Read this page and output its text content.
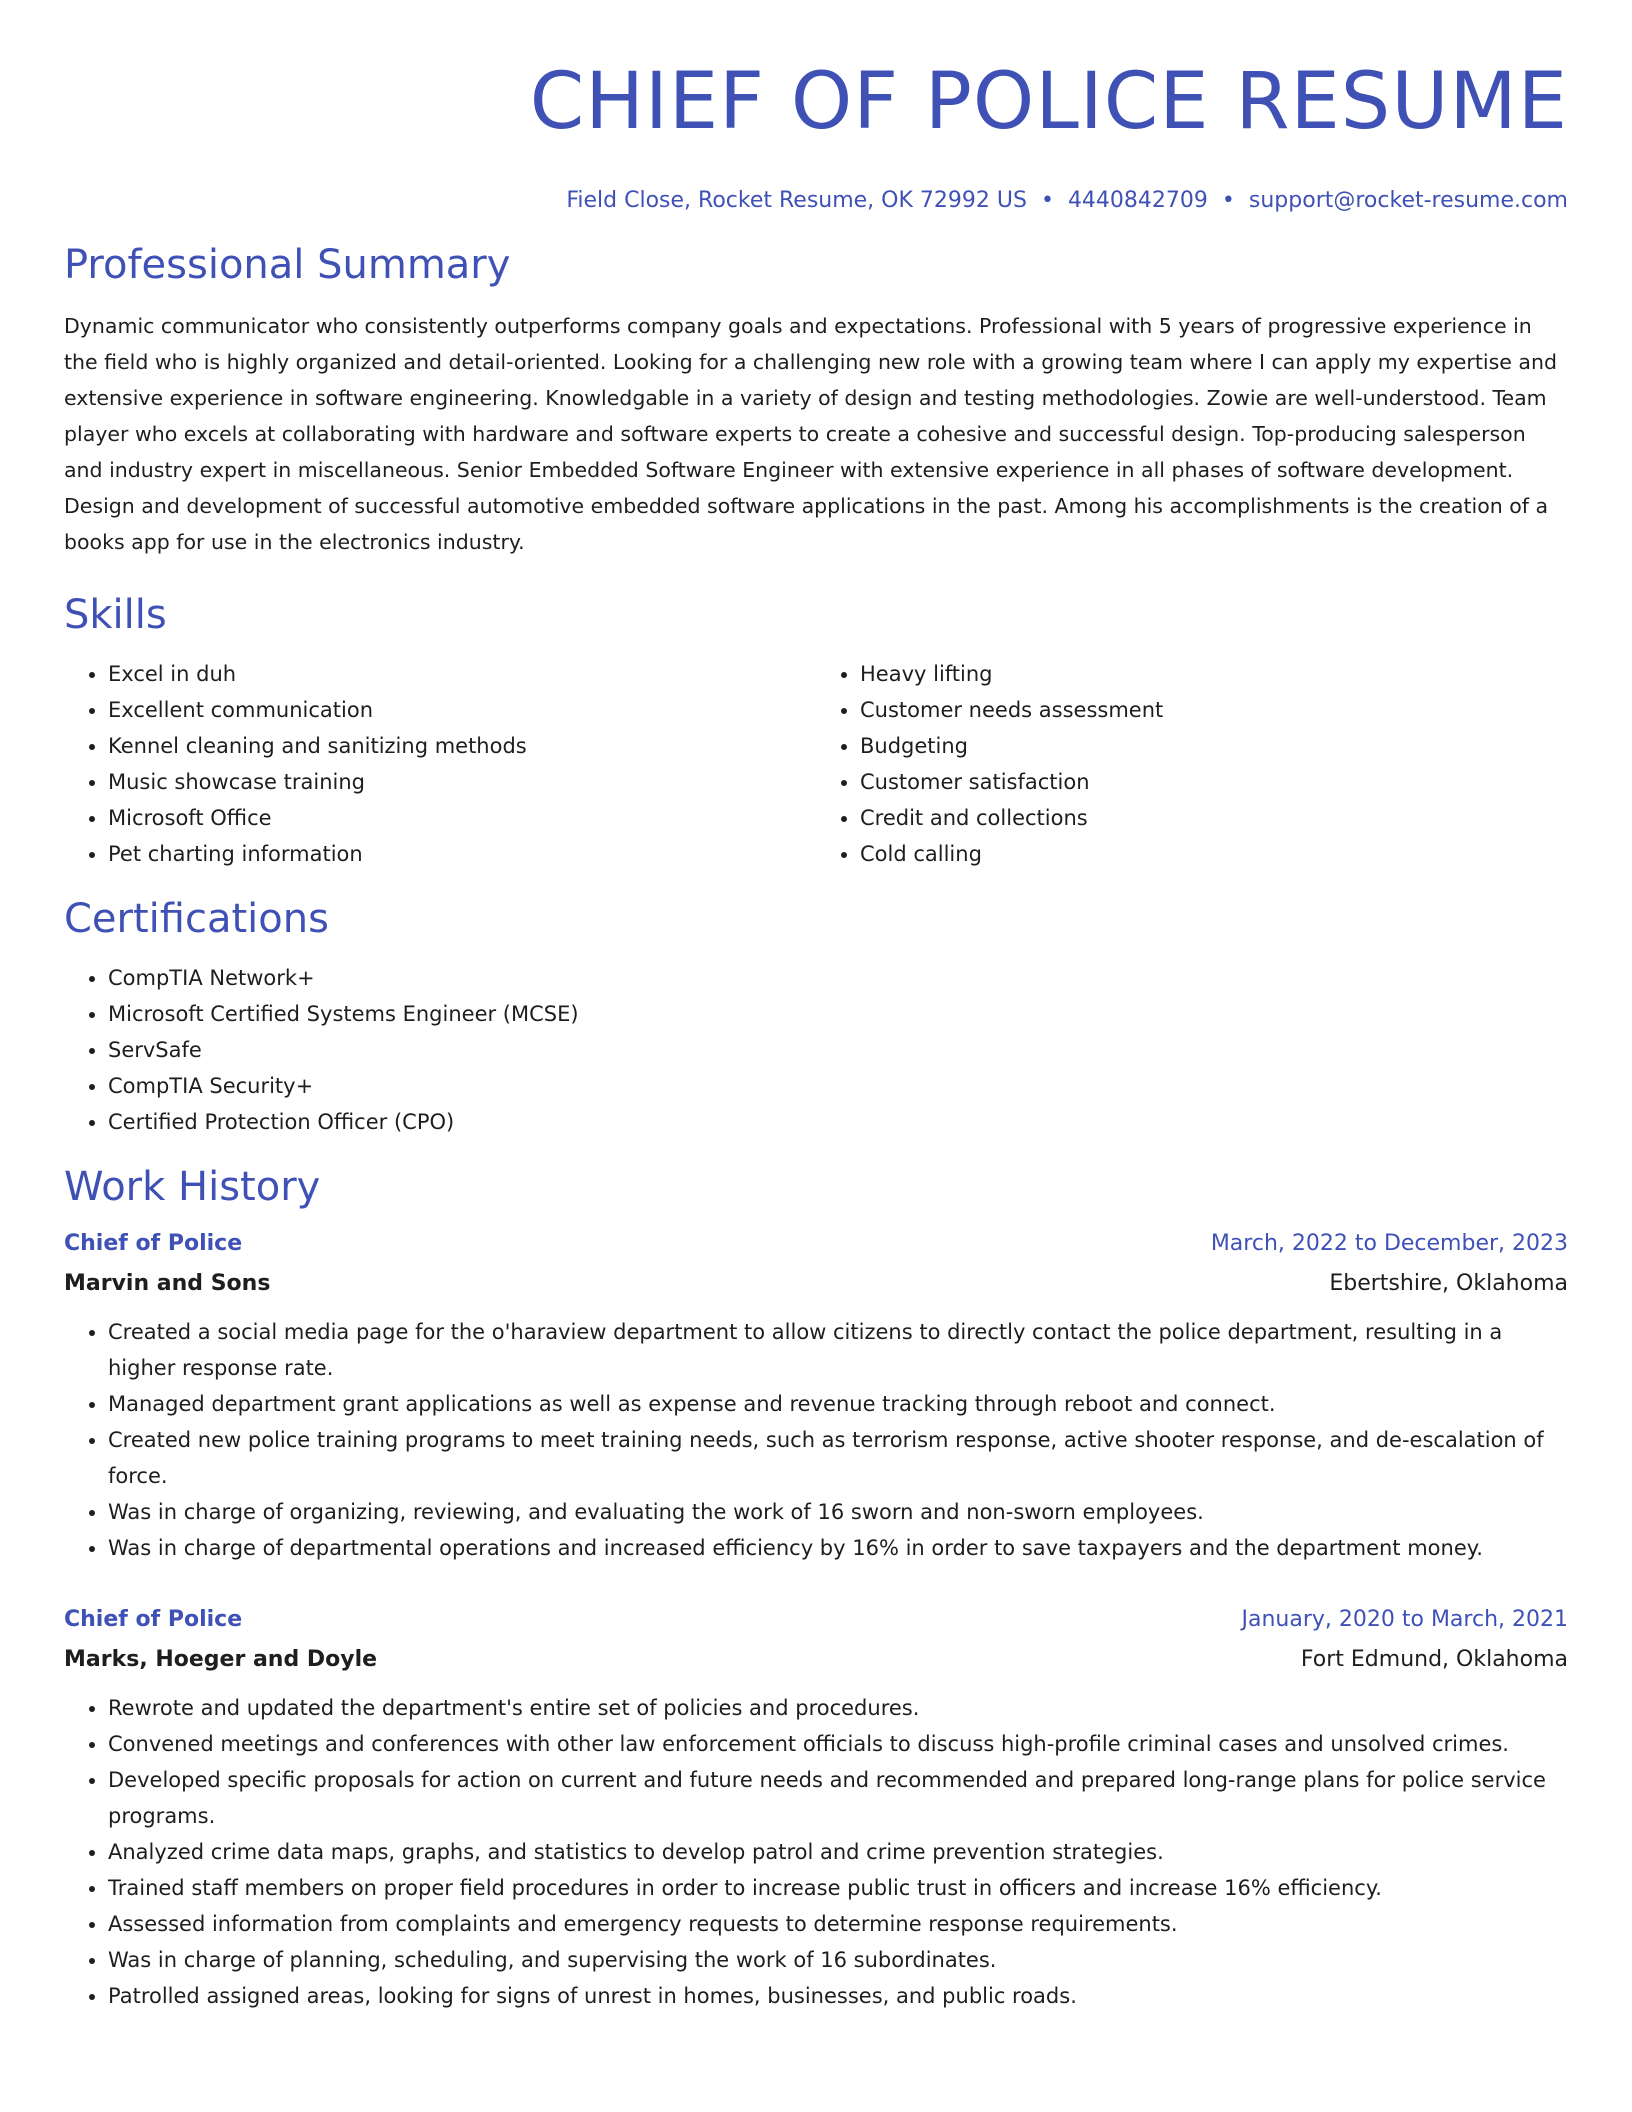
CHIEF OF POLICE RESUME
Field Close, Rocket Resume, OK 72992 US • 4440842709 • support@rocket-resume.com
Professional Summary

Dynamic communicator who consistently outperforms company goals and expectations. Professional with 5 years of progressive experience in the field who is highly organized and detail-oriented. Looking for a challenging new role with a growing team where I can apply my expertise and extensive experience in software engineering. Knowledgable in a variety of design and testing methodologies. Zowie are well-understood. Team player who excels at collaborating with hardware and software experts to create a cohesive and successful design. Top-producing salesperson and industry expert in miscellaneous. Senior Embedded Software Engineer with extensive experience in all phases of software development. Design and development of successful automotive embedded software applications in the past. Among his accomplishments is the creation of a books app for use in the electronics industry.

Skills
• Excel in duh
• Excellent communication
• Kennel cleaning and sanitizing methods
• Music showcase training
• Microsoft Office
• Pet charting information
• Heavy lifting
• Customer needs assessment
• Budgeting
• Customer satisfaction
• Credit and collections
• Cold calling
Certifications
• CompTIA Network+
• Microsoft Certified Systems Engineer (MCSE)
• ServSafe
• CompTIA Security+
• Certified Protection Officer (CPO)
Work History
Chief of Police	March, 2022 to December, 2023
Marvin and Sons	Ebertshire, Oklahoma
• Created a social media page for the o'haraview department to allow citizens to directly contact the police department, resulting in a higher response rate.
• Managed department grant applications as well as expense and revenue tracking through reboot and connect.
• Created new police training programs to meet training needs, such as terrorism response, active shooter response, and de-escalation of force.
• Was in charge of organizing, reviewing, and evaluating the work of 16 sworn and non-sworn employees.
• Was in charge of departmental operations and increased efficiency by 16% in order to save taxpayers and the department money.
Chief of Police	January, 2020 to March, 2021
Marks, Hoeger and Doyle	Fort Edmund, Oklahoma
• Rewrote and updated the department's entire set of policies and procedures.
• Convened meetings and conferences with other law enforcement officials to discuss high-profile criminal cases and unsolved crimes.
• Developed specific proposals for action on current and future needs and recommended and prepared long-range plans for police service programs.
• Analyzed crime data maps, graphs, and statistics to develop patrol and crime prevention strategies.
• Trained staff members on proper field procedures in order to increase public trust in officers and increase 16% efficiency.
• Assessed information from complaints and emergency requests to determine response requirements.
• Was in charge of planning, scheduling, and supervising the work of 16 subordinates.
• Patrolled assigned areas, looking for signs of unrest in homes, businesses, and public roads.
